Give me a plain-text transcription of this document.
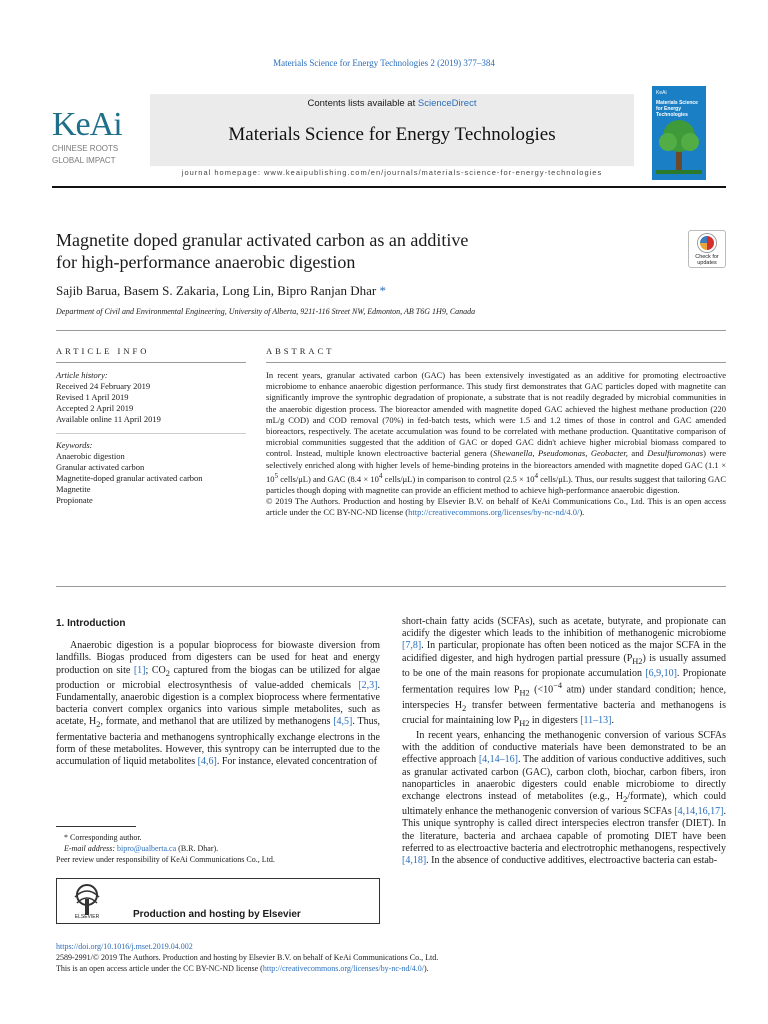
Materials Science for Energy Technologies 2 (2019) 377–384
KeAi
CHINESE ROOTS
GLOBAL IMPACT
Contents lists available at ScienceDirect
Materials Science for Energy Technologies
journal homepage: www.keaipublishing.com/en/journals/materials-science-for-energy-technologies
KeAi
Materials Science for Energy Technologies
Magnetite doped granular activated carbon as an additive
for high-performance anaerobic digestion	Check for updates
Sajib Barua, Basem S. Zakaria, Long Lin, Bipro Ranjan Dhar *
Department of Civil and Environmental Engineering, University of Alberta, 9211-116 Street NW, Edmonton, AB T6G 1H9, Canada
ARTICLE INFO	ABSTRACT
Article history:
Received 24 February 2019
Revised 1 April 2019
Accepted 2 April 2019
Available online 11 April 2019
Keywords:
Anaerobic digestion
Granular activated carbon
Magnetite-doped granular activated carbon
Magnetite
Propionate

In recent years, granular activated carbon (GAC) has been extensively investigated as an additive for promoting electroactive microbiome to enhance anaerobic digestion performance. This study first demonstrates that GAC particles doped with magnetite can significantly improve the syntrophic degradation of propionate, a substrate that is not readily degraded by microbial communities in the anaerobic digestion process. The bioreactor amended with magnetite doped GAC achieved the highest methane production (220 mL/g COD) and COD removal (70%) in fed-batch tests, which were 1.5 and 1.2 times of those in control and GAC amended bioreactors, respectively. The acetate accumulation was found to be correlated with methane production. Quantitative comparison of microbial communities suggested that the addition of GAC or doped GAC didn't achieve higher microbial biomass compared to control. Instead, multiple known electroactive bacterial genera (Shewanella, Pseudomonas, Geobacter, and Desulfuromonas) were selectively enriched along with higher levels of heme-binding proteins in the bioreactors amended with magnetite doped GAC ($1.1 \times 10^5$ cells/μL) and GAC ($8.4 \times 10^4$ cells/μL) in comparison to control ($2.5 \times 10^4$ cells/μL). Thus, our results suggest that tailoring GAC particles though doping with magnetite can provide an efficient method to achieve high-performance anaerobic digestion.

© 2019 The Authors. Production and hosting by Elsevier B.V. on behalf of KeAi Communications Co., Ltd. This is an open access article under the CC BY-NC-ND license (http://creativecommons.org/licenses/by-nc-nd/4.0/).

1. Introduction

Anaerobic digestion is a popular bioprocess for biowaste diversion from landfills. Biogas produced from digesters can be used for heat and energy production on site [1]; $CO_2$ captured from the biogas can be utilized for algae production or microbial electrosynthesis of value-added chemicals [2,3]. Fundamentally, anaerobic digestion is a complex bioprocess where fermentative bacteria convert complex organics into various simple metabolites, such as acetate, $H_2$, formate, and methanol that are utilized by methanogens [4,5]. Thus, fermentative bacteria and methanogens syntrophically exchange electrons in the form of these metabolites. However, this syntropy can be interrupted due to the accumulation of liquid metabolites [4,6]. For instance, elevated concentration of

short-chain fatty acids (SCFAs), such as acetate, butyrate, and propionate can acidify the digester which leads to the inhibition of methanogenic microbiome [7,8]. In particular, propionate has often been noticed as the major SCFA in the acidified digester, and high hydrogen partial pressure $(P_{H2})$ is usually assumed to be one of the main reasons for propionate accumulation [6,9,10]. Propionate fermentation requires low $P_{H2}$ ($<10^{-4}$ atm) under standard condition; hence, interspecies $H_2$ transfer between fermentative bacteria and methanogens is crucial for maintaining low $P_{H2}$ in digesters [11–13].

In recent years, enhancing the methanogenic conversion of various SCFAs with the addition of conductive materials have been demonstrated to be an effective approach [4,14–16]. The addition of various conductive additives, such as granular activated carbon (GAC), carbon cloth, biochar, carbon fibers, iron nanoparticles in anaerobic digesters could enable microbiome to directly exchange electrons instead of metabolites (e.g., $H_2/formate$), which could ultimately enhance the methanogenic conversion of various SCFAs [4,14,16,17]. This unique syntrophy is called direct interspecies electron transfer (DIET). In the literature, bacteria and archaea capable of promoting DIET have been referred to as electroactive bacteria and electrotrophic methanogens, respectively [4,18]. In the absence of conductive additives, electroactive bacteria can estab-

* Corresponding author.
E-mail address: bipro@ualberta.ca (B.R. Dhar).
Peer review under responsibility of KeAi Communications Co., Ltd.
ELSEVIER	Production and hosting by Elsevier
https://doi.org/10.1016/j.mset.2019.04.002
2589-2991/© 2019 The Authors. Production and hosting by Elsevier B.V. on behalf of KeAi Communications Co., Ltd.
This is an open access article under the CC BY-NC-ND license (http://creativecommons.org/licenses/by-nc-nd/4.0/).
